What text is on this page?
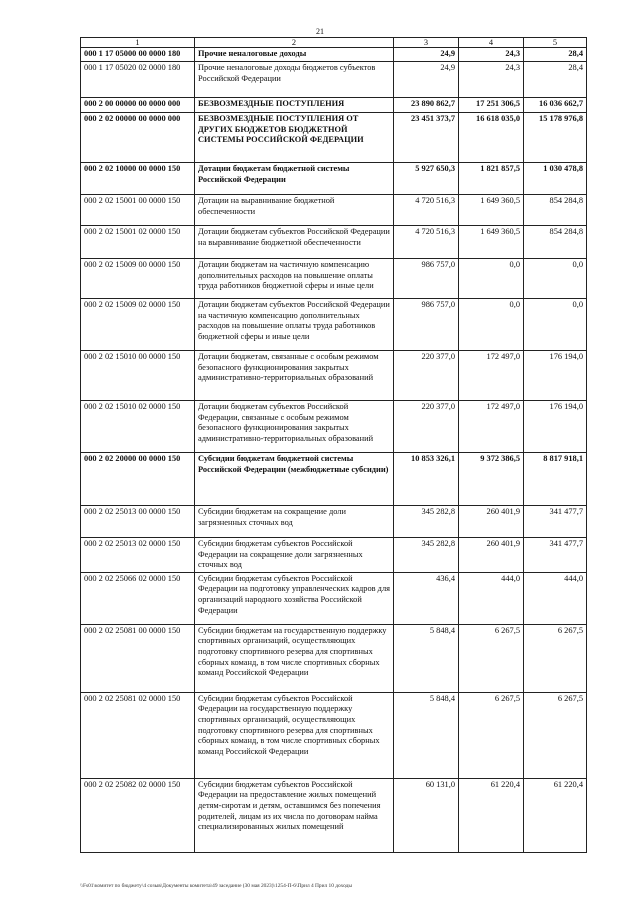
21
1	2	3	4	5
000 1 17 05000 00 0000 180	Прочие неналоговые доходы	24,9	24,3	28,4
000 1 17 05020 02 0000 180	Прочие неналоговые доходы бюджетов субъектов Российской Федерации	24,9	24,3	28,4
000 2 00 00000 00 0000 000	БЕЗВОЗМЕЗДНЫЕ ПОСТУПЛЕНИЯ	23 890 862,7	17 251 306,5	16 036 662,7
000 2 02 00000 00 0000 000	БЕЗВОЗМЕЗДНЫЕ ПОСТУПЛЕНИЯ ОТ ДРУГИХ БЮДЖЕТОВ БЮДЖЕТНОЙ СИСТЕМЫ РОССИЙСКОЙ ФЕДЕРАЦИИ	23 451 373,7	16 618 035,0	15 178 976,8
000 2 02 10000 00 0000 150	Дотации бюджетам бюджетной системы Российской Федерации	5 927 650,3	1 821 857,5	1 030 478,8
000 2 02 15001 00 0000 150	Дотации на выравнивание бюджетной обеспеченности	4 720 516,3	1 649 360,5	854 284,8
000 2 02 15001 02 0000 150	Дотации бюджетам субъектов Российской Федерации на выравнивание бюджетной обеспеченности	4 720 516,3	1 649 360,5	854 284,8
000 2 02 15009 00 0000 150	Дотации бюджетам на частичную компенсацию дополнительных расходов на повышение оплаты труда работников бюджетной сферы и иные цели	986 757,0	0,0	0,0
000 2 02 15009 02 0000 150	Дотации бюджетам субъектов Российской Федерации на частичную компенсацию дополнительных расходов на повышение оплаты труда работников бюджетной сферы и иные цели	986 757,0	0,0	0,0
000 2 02 15010 00 0000 150	Дотации бюджетам, связанные с особым режимом безопасного функционирования закрытых административно-территориальных образований	220 377,0	172 497,0	176 194,0
000 2 02 15010 02 0000 150	Дотации бюджетам субъектов Российской Федерации, связанные с особым режимом безопасного функционирования закрытых административно-территориальных образований	220 377,0	172 497,0	176 194,0
000 2 02 20000 00 0000 150	Субсидии бюджетам бюджетной системы Российской Федерации (межбюджетные субсидии)	10 853 326,1	9 372 386,5	8 817 918,1
000 2 02 25013 00 0000 150	Субсидии бюджетам на сокращение доли загрязненных сточных вод	345 282,8	260 401,9	341 477,7
000 2 02 25013 02 0000 150	Субсидии бюджетам субъектов Российской Федерации на сокращение доли загрязненных сточных вод	345 282,8	260 401,9	341 477,7
000 2 02 25066 02 0000 150	Субсидии бюджетам субъектов Российской Федерации на подготовку управленческих кадров для организаций народного хозяйства Российской Федерации	436,4	444,0	444,0
000 2 02 25081 00 0000 150	Субсидии бюджетам на государственную поддержку спортивных организаций, осуществляющих подготовку спортивного резерва для спортивных сборных команд, в том числе спортивных сборных команд Российской Федерации	5 848,4	6 267,5	6 267,5
000 2 02 25081 02 0000 150	Субсидии бюджетам субъектов Российской Федерации на государственную поддержку спортивных организаций, осуществляющих подготовку спортивного резерва для спортивных сборных команд, в том числе спортивных сборных команд Российской Федерации	5 848,4	6 267,5	6 267,5
000 2 02 25082 02 0000 150	Субсидии бюджетам субъектов Российской Федерации на предоставление жилых помещений детям-сиротам и детям, оставшимся без попечения родителей, лицам из их числа по договорам найма специализированных жилых помещений	60 131,0	61 220,4	61 220,4
\\Fs01\комитет по бюджету\4 созыв\Документы комитета\49 заседание (30 мая 2023)\1254-П-6\Прил 4 Прил 10 доходы
